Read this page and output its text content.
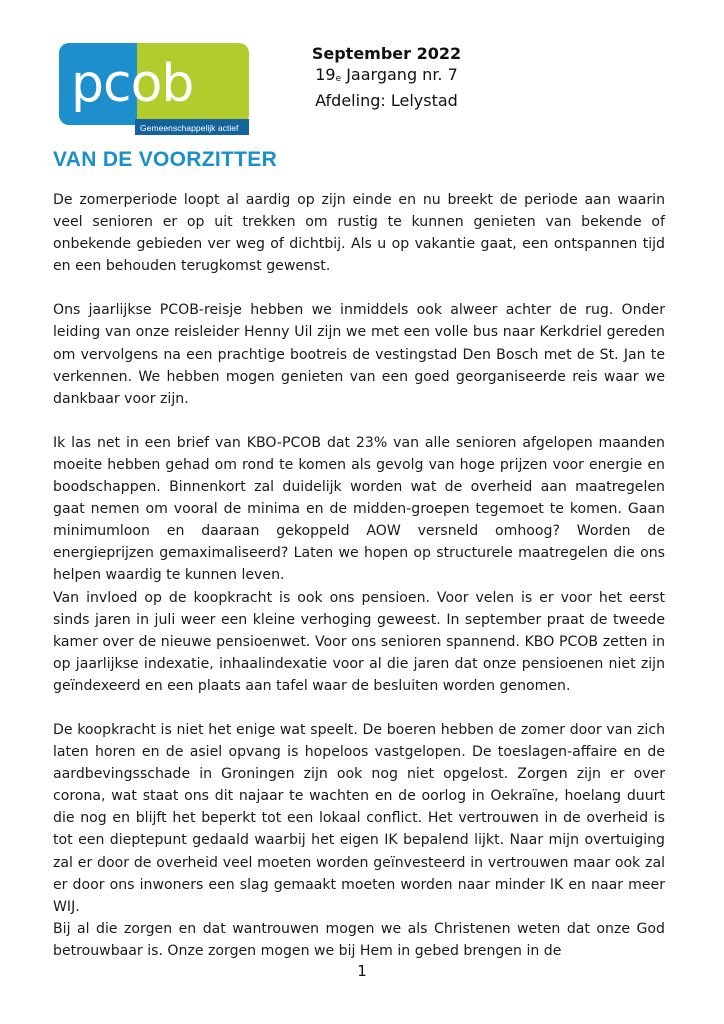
pcob
Gemeenschappelijk actief
September 2022
$19_e$ Jaargang nr. 7
Afdeling: Lelystad
VAN DE VOORZITTER

De zomerperiode loopt al aardig op zijn einde en nu breekt de periode aan waarin veel senioren er op uit trekken om rustig te kunnen genieten van bekende of onbekende gebieden ver weg of dichtbij. Als u op vakantie gaat, een ontspannen tijd en een behouden terugkomst gewenst.

Ons jaarlijkse PCOB-reisje hebben we inmiddels ook alweer achter de rug. Onder leiding van onze reisleider Henny Uil zijn we met een volle bus naar Kerkdriel gereden om vervolgens na een prachtige bootreis de vestingstad Den Bosch met de St. Jan te verkennen. We hebben mogen genieten van een goed georganiseerde reis waar we dankbaar voor zijn.

Ik las net in een brief van KBO-PCOB dat 23% van alle senioren afgelopen maanden moeite hebben gehad om rond te komen als gevolg van hoge prijzen voor energie en boodschappen. Binnenkort zal duidelijk worden wat de overheid aan maatregelen gaat nemen om vooral de minima en de midden-groepen tegemoet te komen. Gaan minimumloon en daaraan gekoppeld AOW versneld omhoog? Worden de energieprijzen gemaximaliseerd? Laten we hopen op structurele maatregelen die ons helpen waardig te kunnen leven.

Van invloed op de koopkracht is ook ons pensioen. Voor velen is er voor het eerst sinds jaren in juli weer een kleine verhoging geweest. In september praat de tweede kamer over de nieuwe pensioenwet. Voor ons senioren spannend. KBO PCOB zetten in op jaarlijkse indexatie, inhaalindexatie voor al die jaren dat onze pensioenen niet zijn geïndexeerd en een plaats aan tafel waar de besluiten worden genomen.

De koopkracht is niet het enige wat speelt. De boeren hebben de zomer door van zich laten horen en de asiel opvang is hopeloos vastgelopen. De toeslagen-affaire en de aardbevingsschade in Groningen zijn ook nog niet opgelost. Zorgen zijn er over corona, wat staat ons dit najaar te wachten en de oorlog in Oekraïne, hoelang duurt die nog en blijft het beperkt tot een lokaal conflict. Het vertrouwen in de overheid is tot een dieptepunt gedaald waarbij het eigen IK bepalend lijkt. Naar mijn overtuiging zal er door de overheid veel moeten worden geïnvesteerd in vertrouwen maar ook zal er door ons inwoners een slag gemaakt moeten worden naar minder IK en naar meer WIJ.

Bij al die zorgen en dat wantrouwen mogen we als Christenen weten dat onze God betrouwbaar is. Onze zorgen mogen we bij Hem in gebed brengen in de

1
